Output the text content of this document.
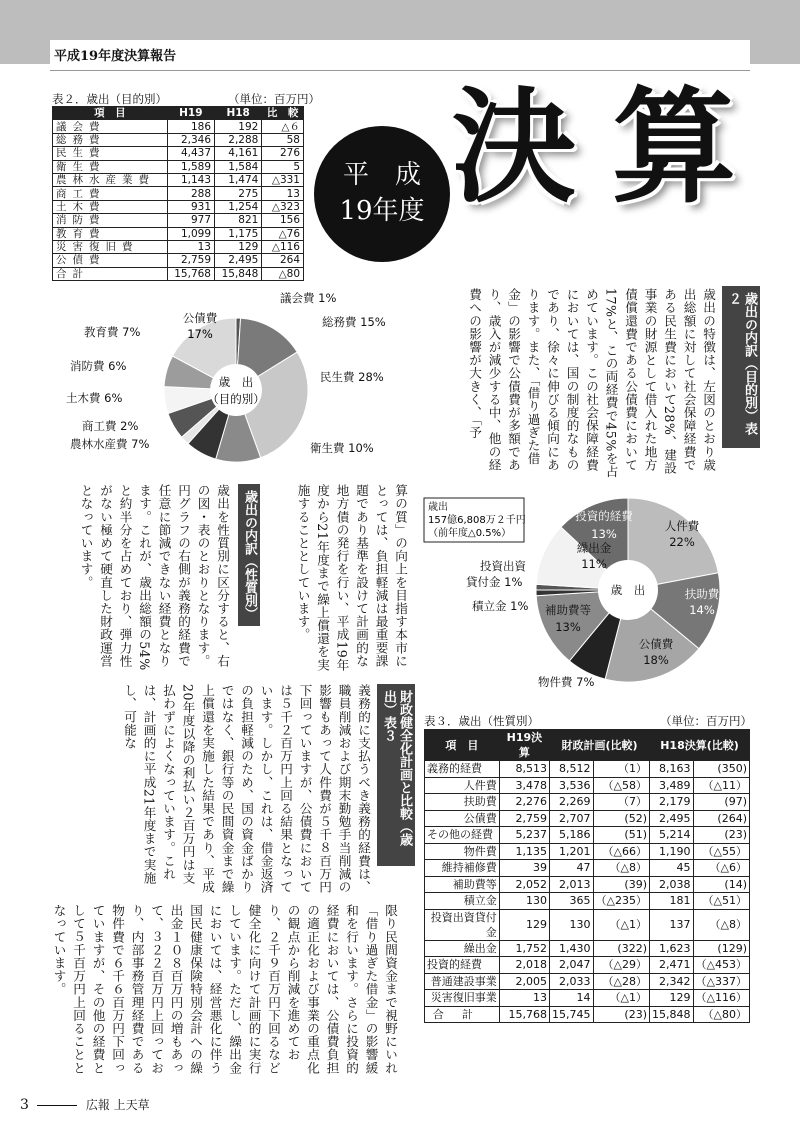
平成19年度決算報告
表２．歳出（目的別）	（単位：百万円）
項　目	H19	H18	比　較
議会費	186	192	△６
総務費	2,346	2,288	58
民生費	4,437	4,161	276
衛生費	1,589	1,584	5
農林水産業費	1,143	1,474	△331
商工費	288	275	13
土木費	931	1,254	△323
消防費	977	821	156
教育費	1,099	1,175	△76
災害復旧費	13	129	△116
公債費	2,759	2,495	264
合計	15,768	15,848	△80
平　成
19年度 決 算
議会費 1%
総務費 15%
民生費 28%
衛生費 10%
農林水産費 7%
商工費 2%
土木費 6%
消防費 6%
教育費 7%
公債費
17%
歳　出
（目的別）	歳出の内訳（目的別）表２
歳出の特徴は、左図のとおり歳出総額に対して社会保障経費である民生費において28%、建設事業の財源として借入れた地方債償還費である公債費において17%と、この両経費で45%を占めています。この社会保障経費においては、国の制度的なものであり、徐々に伸びる傾向にあります。また、「借り過ぎた借金」の影響で公債費が多額であり、歳入が減少する中、他の経費への影響が大きく、「予
算の質」の向上を目指す本市にとっては、負担軽減は最重要課題であり基準を設けて計画的な地方債の発行を行い、平成19年度から21年度まで繰上償還を実施することとしています。
歳出の内訳（性質別）
歳出を性質別に区分すると、右の図・表のとおりとなります。円グラフの右側が義務的経費で任意に節減できない経費となります。これが、歳出総額の54%と約半分を占めており、弾力性がない極めて硬直した財政運営となっています。	人件費
22%
扶助費
14%
公債費
18%
物件費 7%
補助費等
13%
積立金 1%
投資出資
貸付金 1%
繰出金
11%
投資的経費
13%
歳　出
歳出
157億6,808万２千円
（前年度△0.5%）
財政健全化計画と比較（歳出）表３
義務的に支払うべき義務的経費は、職員削減および期末勤勉手当削減の影響もあって人件費が５千８百万円下回っていますが、公債費においては５千２百万円上回る結果となっています。しかし、これは、借金返済の負担軽減のため、国の資金ばかりではなく、銀行等の民間資金まで繰上償還を実施した結果であり、平成20年度以降の利払い２百万円は支払わずによくなっています。これは、計画的に平成21年度まで実施し、可能な
限り民間資金まで視野にいれ「借り過ぎた借金」の影響緩和を行います。さらに投資的経費においては、公債費負担の適正化および事業の重点化の観点から削減を進めており、２千９百万円下回るなど健全化に向けて計画的に実行しています。ただし、繰出金においては、経営悪化に伴う国民健康保険特別会計への繰出金１０８百万円の増もあって、３２２百万円上回っており、内部事務管理経費である物件費で６千６百万円下回っていますが、その他の経費として５千百万円上回ることとなっています。
表３．歳出（性質別）	（単位：百万円）
項　目	H19決算	財政計画(比較)		H18決算(比較)	
義務的経費	8,513	8,512	（1）	8,163	(350)
人件費	3,478	3,536	（△58）	3,489	（△11）
扶助費	2,276	2,269	（7）	2,179	(97)
公債費	2,759	2,707	(52)	2,495	(264)
その他の経費	5,237	5,186	(51)	5,214	(23)
物件費	1,135	1,201	（△66）	1,190	（△55）
維持補修費	39	47	（△8）	45	（△6）
補助費等	2,052	2,013	(39)	2,038	(14)
積立金	130	365	（△235）	181	（△51）
投資出資貸付金	129	130	（△1）	137	（△8）
繰出金	1,752	1,430	(322)	1,623	(129)
投資的経費	2,018	2,047	（△29）	2,471	（△453）
普通建設事業	2,005	2,033	（△28）	2,342	（△337）
災害復旧事業	13	14	（△1）	129	（△116）
合計	15,768	15,745	(23)	15,848	（△80）
3	広報 上天草
